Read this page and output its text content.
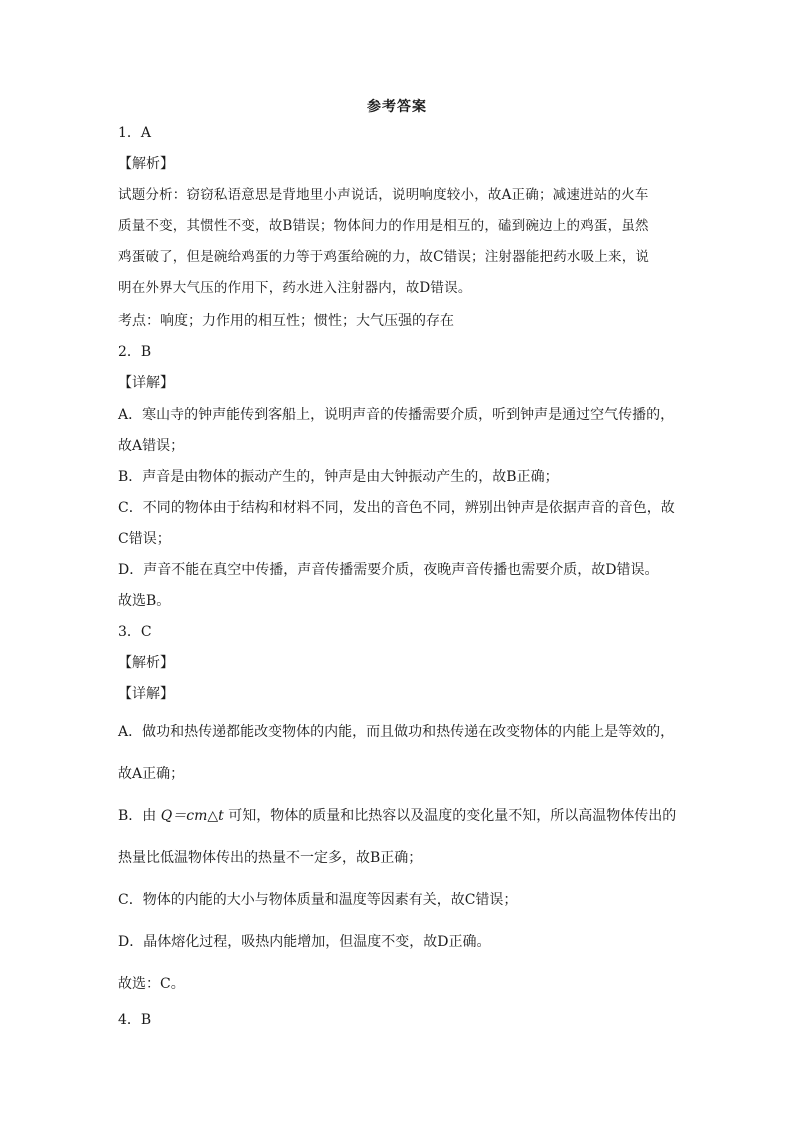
参考答案
1．A
【解析】
试题分析：窃窃私语意思是背地里小声说话，说明响度较小，故A正确；减速进站的火车
质量不变，其惯性不变，故B错误；物体间力的作用是相互的，磕到碗边上的鸡蛋，虽然
鸡蛋破了，但是碗给鸡蛋的力等于鸡蛋给碗的力，故C错误；注射器能把药水吸上来，说
明在外界大气压的作用下，药水进入注射器内，故D错误。
考点：响度；力作用的相互性；惯性；大气压强的存在
2．B
【详解】
A．寒山寺的钟声能传到客船上，说明声音的传播需要介质，听到钟声是通过空气传播的，
故A错误；
B．声音是由物体的振动产生的，钟声是由大钟振动产生的，故B正确；
C．不同的物体由于结构和材料不同，发出的音色不同，辨别出钟声是依据声音的音色，故
C错误；
D．声音不能在真空中传播，声音传播需要介质，夜晚声音传播也需要介质，故D错误。
故选B。
3．C
【解析】
【详解】
A．做功和热传递都能改变物体的内能，而且做功和热传递在改变物体的内能上是等效的，
故A正确；
B．由 Q＝cm△t 可知，物体的质量和比热容以及温度的变化量不知，所以高温物体传出的
热量比低温物体传出的热量不一定多，故B正确；
C．物体的内能的大小与物体质量和温度等因素有关，故C错误；
D．晶体熔化过程，吸热内能增加，但温度不变，故D正确。
故选：C。
4．B
